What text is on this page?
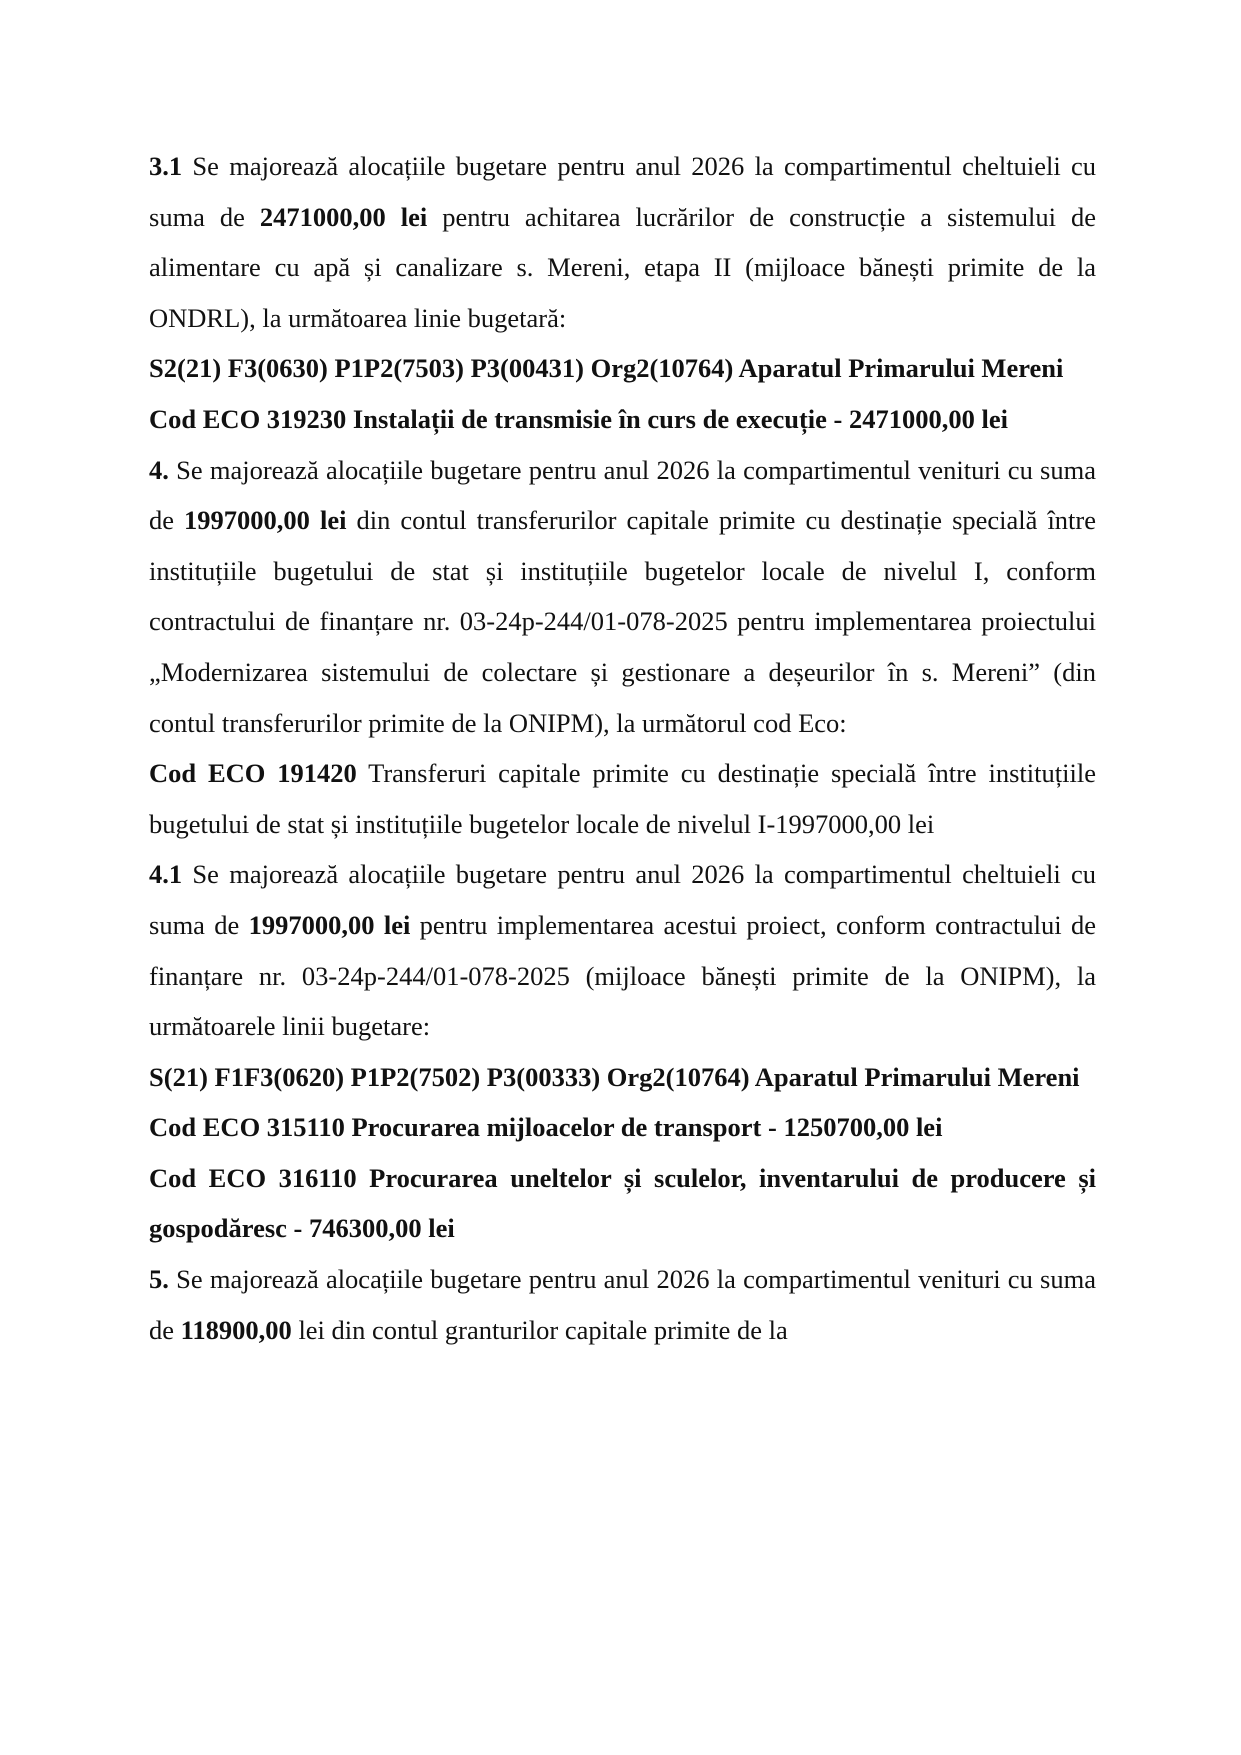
3.1 Se majorează alocațiile bugetare pentru anul 2026 la compartimentul cheltuieli cu suma de 2471000,00 lei pentru achitarea lucrărilor de construcție a sistemului de alimentare cu apă și canalizare s. Mereni, etapa II (mijloace bănești primite de la ONDRL), la următoarea linie bugetară:

S2(21) F3(0630) P1P2(7503) P3(00431) Org2(10764) Aparatul Primarului Mereni

Cod ECO 319230 Instalații de transmisie în curs de execuție - 2471000,00 lei

4. Se majorează alocațiile bugetare pentru anul 2026 la compartimentul venituri cu suma de 1997000,00 lei din contul transferurilor capitale primite cu destinație specială între instituțiile bugetului de stat și instituțiile bugetelor locale de nivelul I, conform contractului de finanțare nr. 03-24p-244/01-078-2025 pentru implementarea proiectului „Modernizarea sistemului de colectare și gestionare a deșeurilor în s. Mereni” (din contul transferurilor primite de la ONIPM), la următorul cod Eco:

Cod ECO 191420 Transferuri capitale primite cu destinație specială între instituțiile bugetului de stat și instituțiile bugetelor locale de nivelul I-1997000,00 lei

4.1 Se majorează alocațiile bugetare pentru anul 2026 la compartimentul cheltuieli cu suma de 1997000,00 lei pentru implementarea acestui proiect, conform contractului de finanțare nr. 03-24p-244/01-078-2025 (mijloace bănești primite de la ONIPM), la următoarele linii bugetare:

S(21) F1F3(0620) P1P2(7502) P3(00333) Org2(10764) Aparatul Primarului Mereni

Cod ECO 315110 Procurarea mijloacelor de transport - 1250700,00 lei

Cod ECO 316110 Procurarea uneltelor și sculelor, inventarului de producere și gospodăresc - 746300,00 lei

5. Se majorează alocațiile bugetare pentru anul 2026 la compartimentul venituri cu suma de 118900,00 lei din contul granturilor capitale primite de la
